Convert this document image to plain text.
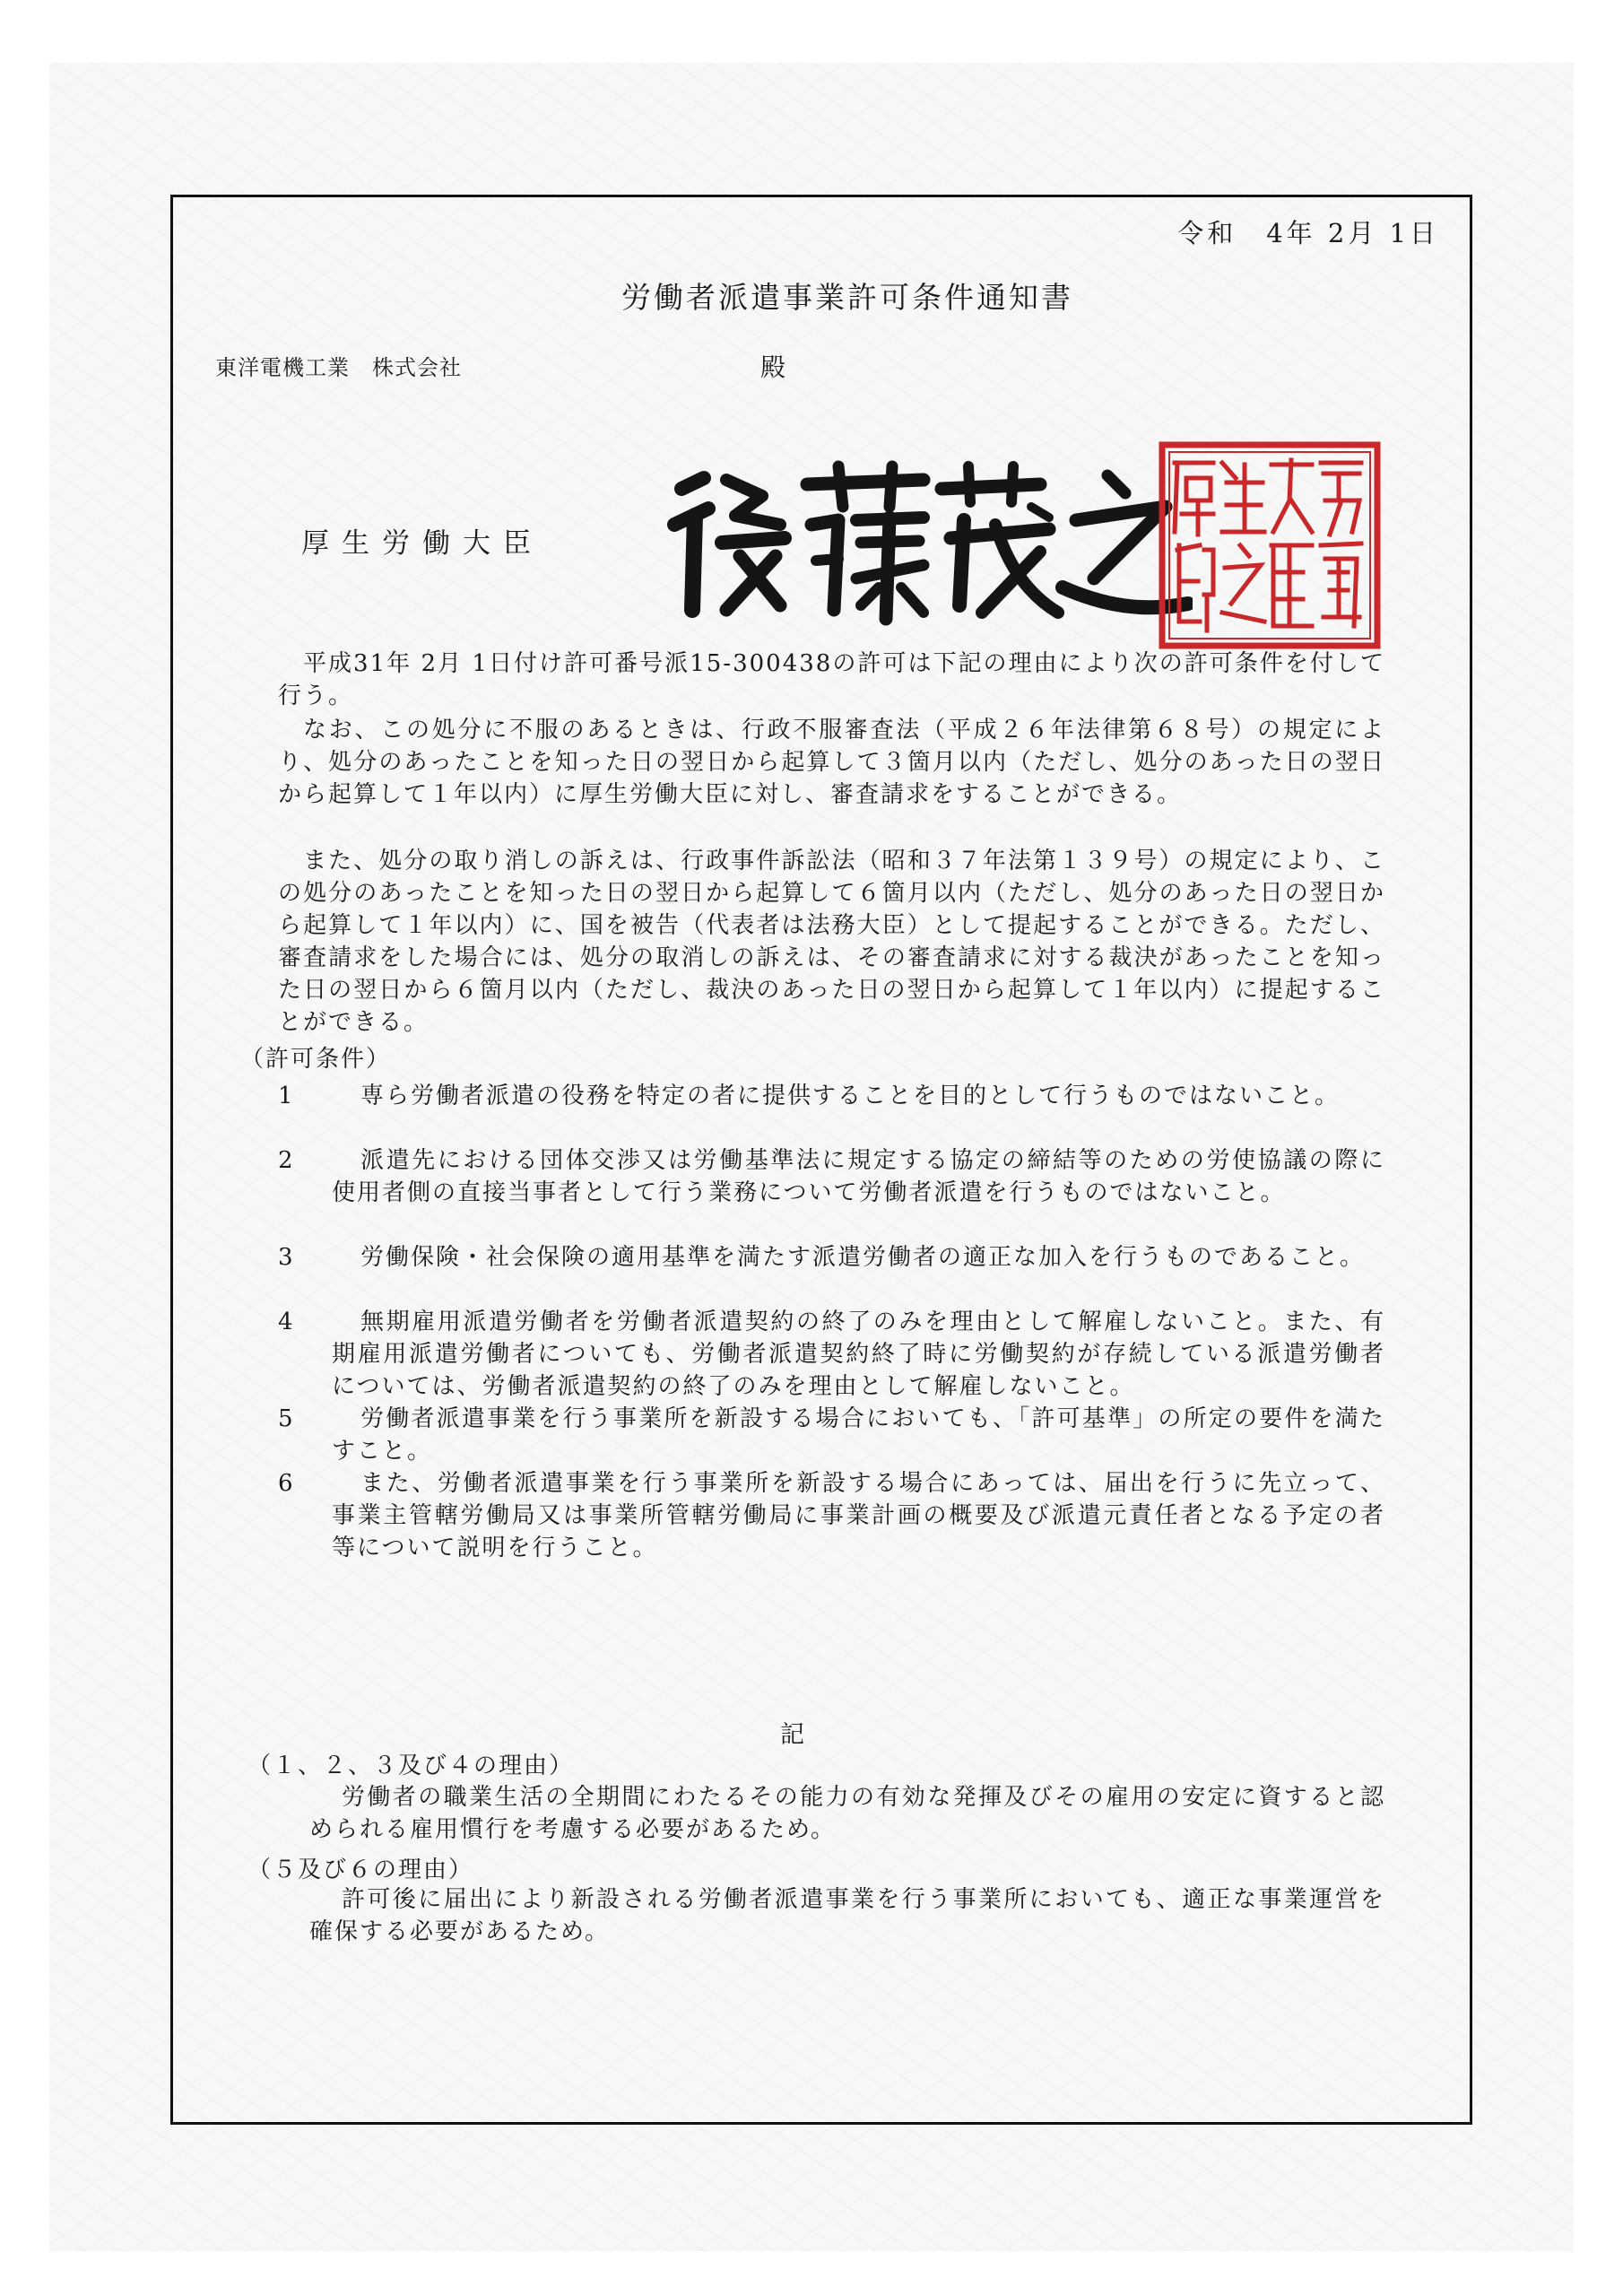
令和　4年 2月 1日
労働者派遣事業許可条件通知書
東洋電機工業　株式会社	殿
厚生労働大臣
平成31年 2月 1日付け許可番号派15-300438の許可は下記の理由により次の許可条件を付して行う。
なお、この処分に不服のあるときは、行政不服審査法（平成２６年法律第６８号）の規定により、処分のあったことを知った日の翌日から起算して３箇月以内（ただし、処分のあった日の翌日から起算して１年以内）に厚生労働大臣に対し、審査請求をすることができる。
また、処分の取り消しの訴えは、行政事件訴訟法（昭和３７年法第１３９号）の規定により、この処分のあったことを知った日の翌日から起算して６箇月以内（ただし、処分のあった日の翌日から起算して１年以内）に、国を被告（代表者は法務大臣）として提起することができる。ただし、審査請求をした場合には、処分の取消しの訴えは、その審査請求に対する裁決があったことを知った日の翌日から６箇月以内（ただし、裁決のあった日の翌日から起算して１年以内）に提起することができる。
（許可条件）
1	専ら労働者派遣の役務を特定の者に提供することを目的として行うものではないこと。
2	派遣先における団体交渉又は労働基準法に規定する協定の締結等のための労使協議の際に使用者側の直接当事者として行う業務について労働者派遣を行うものではないこと。
3	労働保険・社会保険の適用基準を満たす派遣労働者の適正な加入を行うものであること。
4	無期雇用派遣労働者を労働者派遣契約の終了のみを理由として解雇しないこと。また、有期雇用派遣労働者についても、労働者派遣契約終了時に労働契約が存続している派遣労働者については、労働者派遣契約の終了のみを理由として解雇しないこと。
5	労働者派遣事業を行う事業所を新設する場合においても、「許可基準」の所定の要件を満たすこと。
6	また、労働者派遣事業を行う事業所を新設する場合にあっては、届出を行うに先立って、事業主管轄労働局又は事業所管轄労働局に事業計画の概要及び派遣元責任者となる予定の者等について説明を行うこと。
記
（１、２、３及び４の理由）
労働者の職業生活の全期間にわたるその能力の有効な発揮及びその雇用の安定に資すると認められる雇用慣行を考慮する必要があるため。
（５及び６の理由）
許可後に届出により新設される労働者派遣事業を行う事業所においても、適正な事業運営を確保する必要があるため。
